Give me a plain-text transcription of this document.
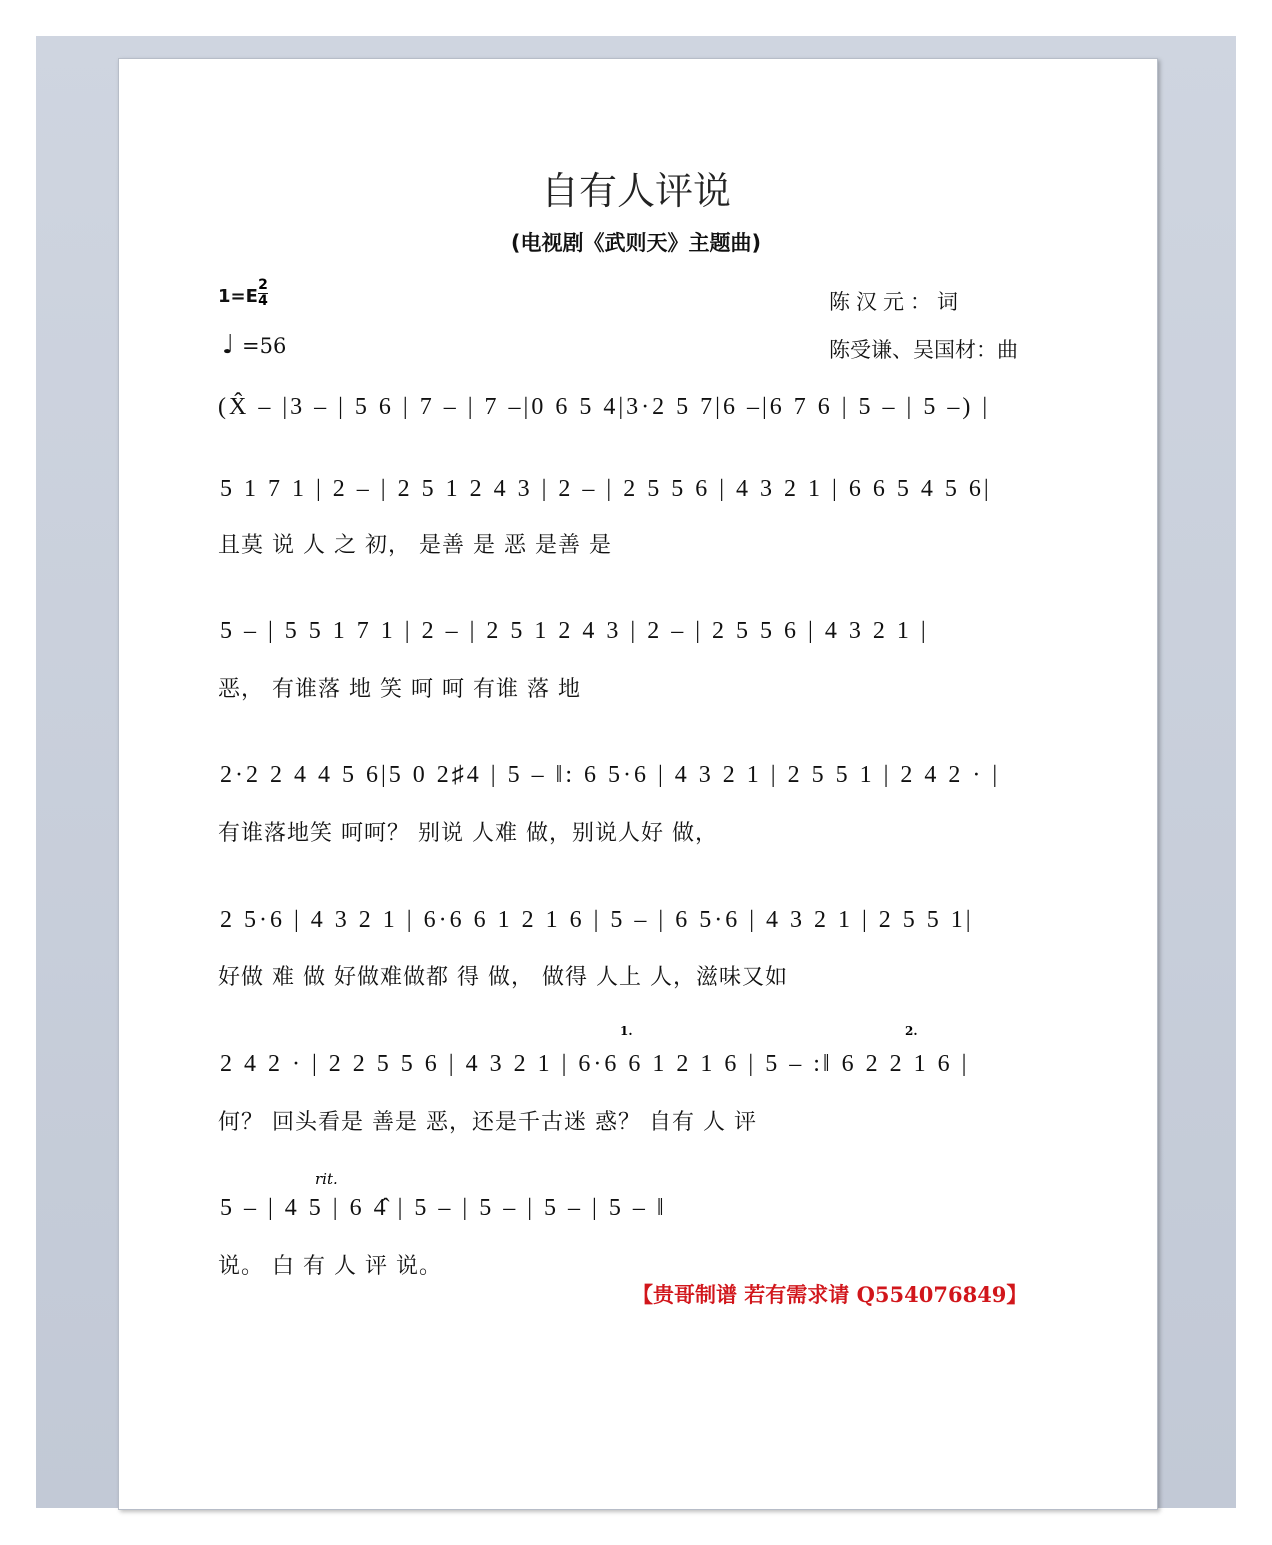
自有人评说
(电视剧《武则天》主题曲)
1=E
2
4
♩ =56
陈汉元：词
陈受谦、吴国材：曲
(X̂ – |3 – | 5 6 | 7 – | 7 –|0 6 5 4|3·2 5 7|6 –|6 7 6 | 5 – | 5 –) |
5 1 7 1 | 2 – | 2 5 1 2 4 3 | 2 – | 2 5 5 6 | 4 3 2 1 | 6 6 5 4 5 6|
且莫 说 人 之 初， 是善 是 恶 是善 是
5 – | 5 5 1 7 1 | 2 – | 2 5 1 2 4 3 | 2 – | 2 5 5 6 | 4 3 2 1 |
恶， 有谁落 地 笑 呵 呵 有谁 落 地
2·2 2 4 4 5 6|5 0 2♯4 | 5 – ‖: 6 5·6 | 4 3 2 1 | 2 5 5 1 | 2 4 2 · |
有谁落地笑 呵呵？ 别说 人难 做，别说人好 做，
2 5·6 | 4 3 2 1 | 6·6 6 1 2 1 6 | 5 – | 6 5·6 | 4 3 2 1 | 2 5 5 1|
好做 难 做 好做难做都 得 做， 做得 人上 人，滋味又如
1.	2.
2 4 2 · | 2 2 5 5 6 | 4 3 2 1 | 6·6 6 1 2 1 6 | 5 – :‖ 6 2 2 1 6 |
何？ 回头看是 善是 恶，还是千古迷 惑？ 自有 人 评
rit.
5 – | 4 5 | 6 4̂ | 5 – | 5 – | 5 – | 5 – ‖
说。 白 有 人 评 说。
【贵哥制谱 若有需求请 Q554076849】
